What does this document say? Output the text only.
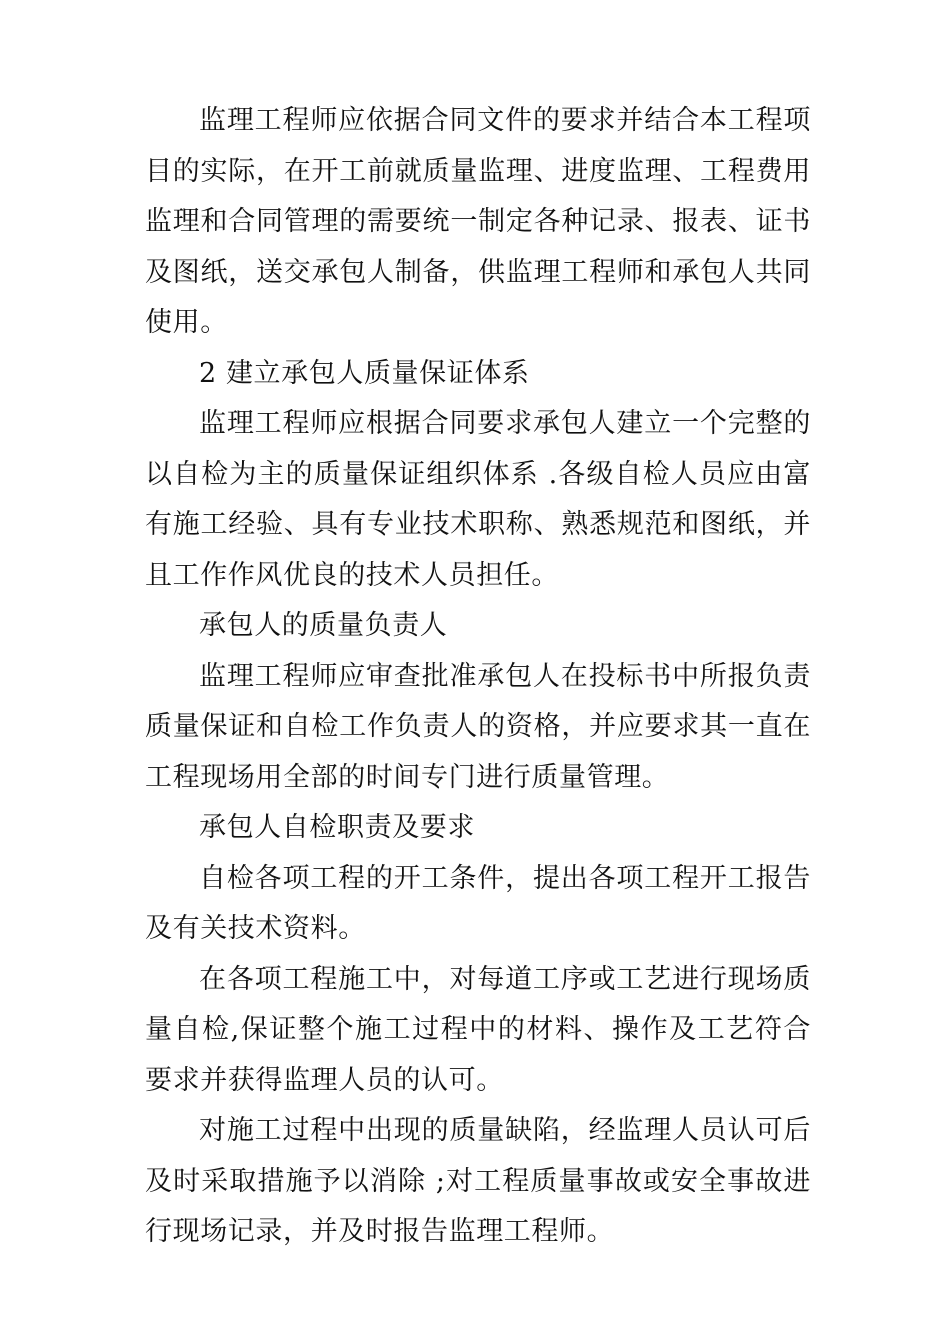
监理工程师应依据合同文件的要求并结合本工程项目的实际，在开工前就质量监理、进度监理、工程费用监理和合同管理的需要统一制定各种记录、报表、证书及图纸，送交承包人制备，供监理工程师和承包人共同使用。

2 建立承包人质量保证体系

监理工程师应根据合同要求承包人建立一个完整的以自检为主的质量保证组织体系 .各级自检人员应由富有施工经验、具有专业技术职称、熟悉规范和图纸，并且工作作风优良的技术人员担任。

承包人的质量负责人

监理工程师应审查批准承包人在投标书中所报负责质量保证和自检工作负责人的资格，并应要求其一直在工程现场用全部的时间专门进行质量管理。

承包人自检职责及要求

自检各项工程的开工条件，提出各项工程开工报告及有关技术资料。

在各项工程施工中，对每道工序或工艺进行现场质量自检,保证整个施工过程中的材料、操作及工艺符合要求并获得监理人员的认可。

对施工过程中出现的质量缺陷，经监理人员认可后及时采取措施予以消除 ;对工程质量事故或安全事故进行现场记录，并及时报告监理工程师。
